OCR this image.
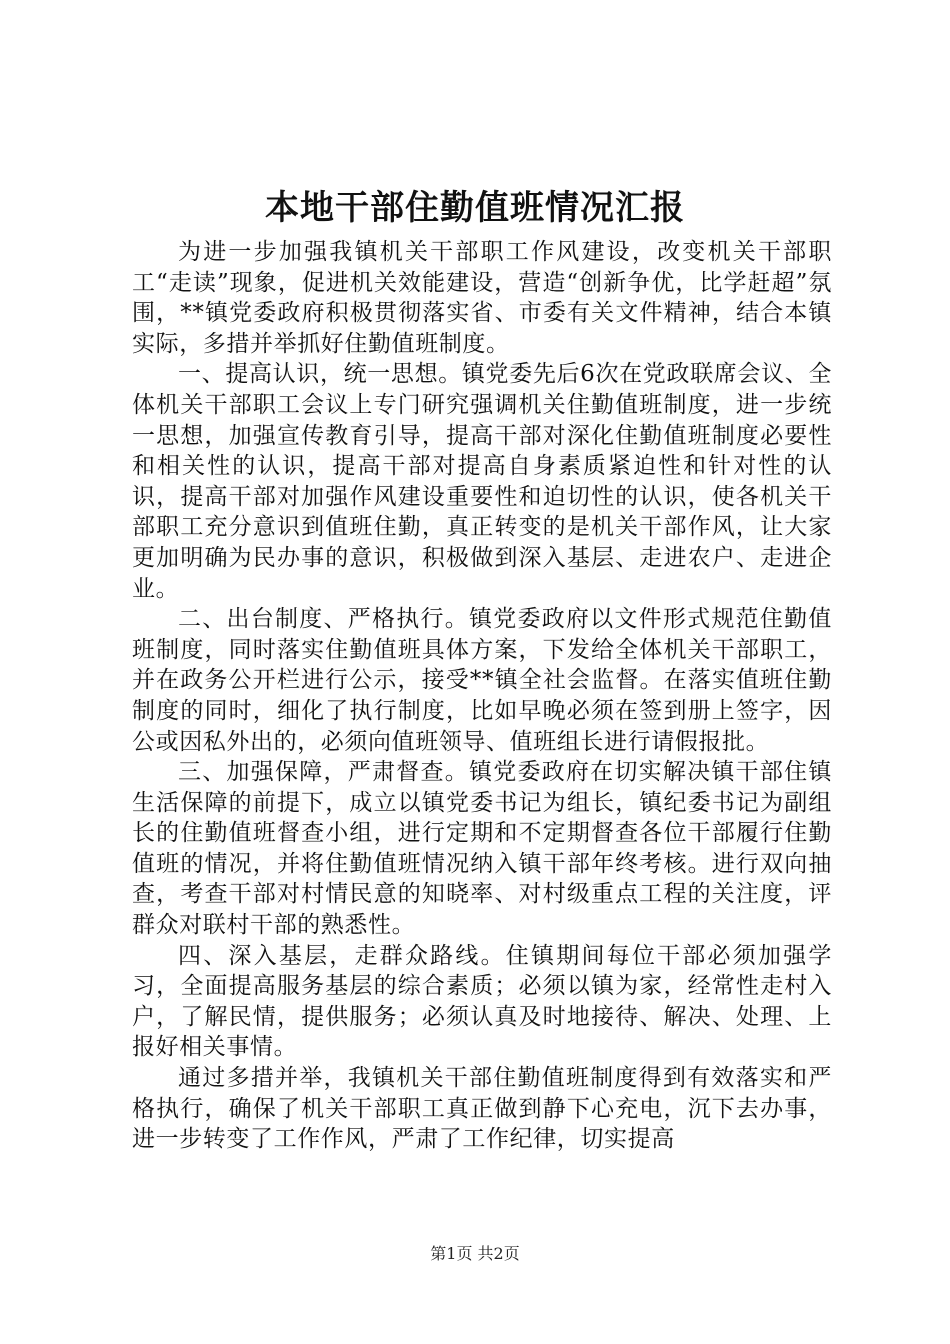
本地干部住勤值班情况汇报

为进一步加强我镇机关干部职工作风建设，改变机关干部职工“走读”现象，促进机关效能建设，营造“创新争优，比学赶超”氛围，**镇党委政府积极贯彻落实省、市委有关文件精神，结合本镇实际，多措并举抓好住勤值班制度。

一、提高认识，统一思想。镇党委先后6次在党政联席会议、全体机关干部职工会议上专门研究强调机关住勤值班制度，进一步统一思想，加强宣传教育引导，提高干部对深化住勤值班制度必要性和相关性的认识，提高干部对提高自身素质紧迫性和针对性的认识，提高干部对加强作风建设重要性和迫切性的认识，使各机关干部职工充分意识到值班住勤，真正转变的是机关干部作风，让大家更加明确为民办事的意识，积极做到深入基层、走进农户、走进企业。

二、出台制度、严格执行。镇党委政府以文件形式规范住勤值班制度，同时落实住勤值班具体方案，下发给全体机关干部职工，并在政务公开栏进行公示，接受**镇全社会监督。在落实值班住勤制度的同时，细化了执行制度，比如早晚必须在签到册上签字，因公或因私外出的，必须向值班领导、值班组长进行请假报批。

三、加强保障，严肃督查。镇党委政府在切实解决镇干部住镇生活保障的前提下，成立以镇党委书记为组长，镇纪委书记为副组长的住勤值班督查小组，进行定期和不定期督查各位干部履行住勤值班的情况，并将住勤值班情况纳入镇干部年终考核。进行双向抽查，考查干部对村情民意的知晓率、对村级重点工程的关注度，评群众对联村干部的熟悉性。

四、深入基层，走群众路线。住镇期间每位干部必须加强学习，全面提高服务基层的综合素质；必须以镇为家，经常性走村入户，了解民情，提供服务；必须认真及时地接待、解决、处理、上报好相关事情。

通过多措并举，我镇机关干部住勤值班制度得到有效落实和严格执行，确保了机关干部职工真正做到静下心充电，沉下去办事，进一步转变了工作作风，严肃了工作纪律，切实提高

第1页 共2页
